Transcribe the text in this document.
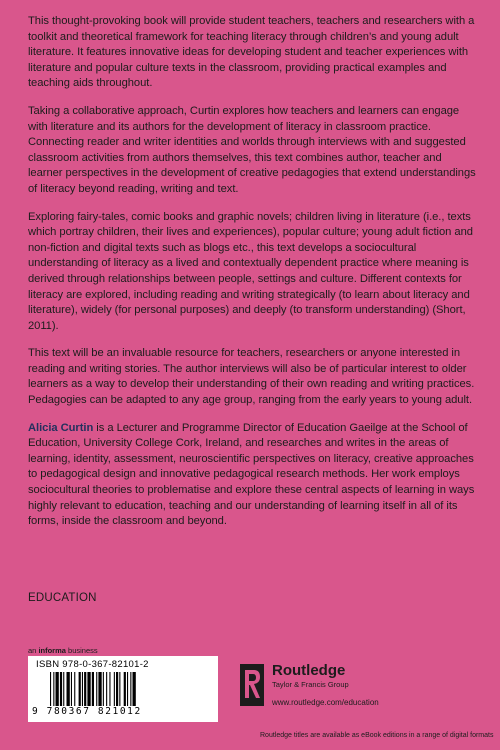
This thought-provoking book will provide student teachers, teachers and researchers with a toolkit and theoretical framework for teaching literacy through children’s and young adult literature. It features innovative ideas for developing student and teacher experiences with literature and popular culture texts in the classroom, providing practical examples and teaching aids throughout.

Taking a collaborative approach, Curtin explores how teachers and learners can engage with literature and its authors for the development of literacy in classroom practice. Connecting reader and writer identities and worlds through interviews with and suggested classroom activities from authors themselves, this text combines author, teacher and learner perspectives in the development of creative pedagogies that extend understandings of literacy beyond reading, writing and text.

Exploring fairy-tales, comic books and graphic novels; children living in literature (i.e., texts which portray children, their lives and experiences), popular culture; young adult fiction and non-fiction and digital texts such as blogs etc., this text develops a sociocultural understanding of literacy as a lived and contextually dependent practice where meaning is derived through relationships between people, settings and culture. Different contexts for literacy are explored, including reading and writing strategically (to learn about literacy and literature), widely (for personal purposes) and deeply (to transform understanding) (Short, 2011).

This text will be an invaluable resource for teachers, researchers or anyone interested in reading and writing stories. The author interviews will also be of particular interest to older learners as a way to develop their understanding of their own reading and writing practices. Pedagogies can be adapted to any age group, ranging from the early years to young adult.

Alicia Curtin is a Lecturer and Programme Director of Education Gaeilge at the School of Education, University College Cork, Ireland, and researches and writes in the areas of learning, identity, assessment, neuroscientific perspectives on literacy, creative approaches to pedagogical design and innovative pedagogical research methods. Her work employs sociocultural theories to problematise and explore these central aspects of learning in ways highly relevant to education, teaching and our understanding of learning itself in all of its forms, inside the classroom and beyond.

EDUCATION
an informa business
ISBN 978-0-367-82101-2
9 780367 821012
Routledge
Taylor & Francis Group
www.routledge.com/education
Routledge titles are available as eBook editions in a range of digital formats
